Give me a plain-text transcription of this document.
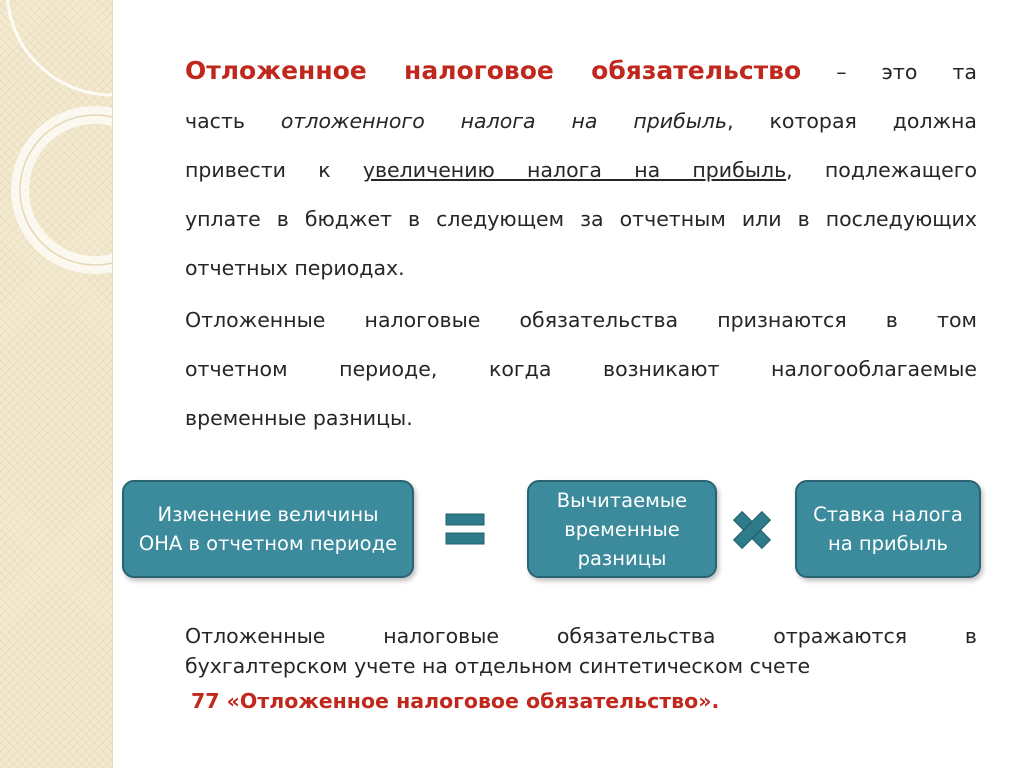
Отложенное налоговое обязательство – это та
часть отложенного налога на прибыль, которая должна
привести к увеличению налога на прибыль, подлежащего
уплате в бюджет в следующем за отчетным или в последующих
отчетных периодах.
Отложенные налоговые обязательства признаются в том
отчетном периоде, когда возникают налогооблагаемые
временные разницы.
Изменение величины ОНА в отчетном периоде
Вычитаемые временные разницы
Ставка налога на прибыль
Отложенные налоговые обязательства отражаются в
бухгалтерском учете на отдельном синтетическом счете
77 «Отложенное налоговое обязательство».
